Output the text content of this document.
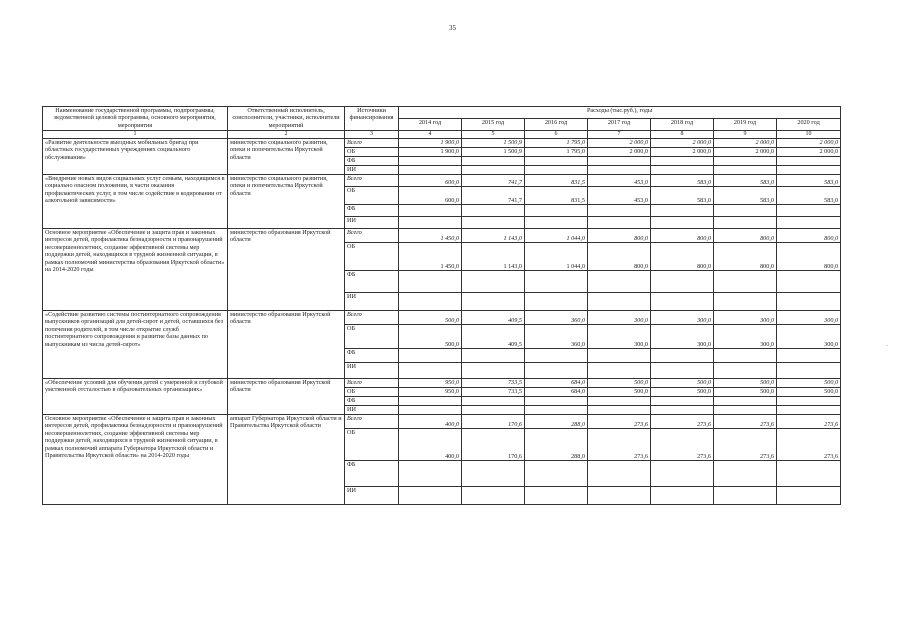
35
Наименование государственной программы, подпрограммы, ведомственной целевой программы, основного мероприятия, мероприятия	Ответственный исполнитель, соисполнители, участники, исполнители мероприятий	Источники финансирования	Расходы (тыс.руб.), годы						
			2014 год	2015 год	2016 год	2017 год	2018 год	2019 год	2020 год
1	2	3	4	5	6	7	8	9	10
«Развитие деятельности выездных мобильных бригад при областных государственных учреждениях социального обслуживания»	министерство социального развития, опеки и попечительства Иркутской области	Всего	1 900,0	1 500,9	1 795,0	2 000,0	2 000,0	2 000,0	2 000,0
		ОБ	1 900,0	1 500,9	1 795,0	2 000,0	2 000,0	2 000,0	2 000,0
		ФБ							
		ИИ							
«Внедрение новых видов социальных услуг семьям, находящимся в социально опасном положении, в части оказания профилактических услуг, в том числе содействие в кодировании от алкогольной зависимости»	министерство социального развития, опеки и попечительства Иркутской области	Всего	600,0	741,7	831,5	453,0	583,0	583,0	583,0
		ОБ	600,0	741,7	831,5	453,0	583,0	583,0	583,0
		ФБ							
		ИИ							
Основное мероприятие «Обеспечение и защита прав и законных интересов детей, профилактика безнадзорности и правонарушений несовершеннолетних, создание эффективной системы мер поддержки детей, находящихся в трудной жизненной ситуации, в рамках полномочий министерства образования Иркутской области» на 2014-2020 годы	министерство образования Иркутской области	Всего	1 450,0	1 143,0	1 044,0	800,0	800,0	800,0	800,0
		ОБ	1 450,0	1 143,0	1 044,0	800,0	800,0	800,0	800,0
		ФБ							
		ИИ							
«Содействие развитию системы постинтернатного сопровождения выпускников организаций для детей-сирот и детей, оставшихся без попечения родителей, в том числе открытие служб постинтернатного сопровождения и развитие базы данных по выпускникам из числа детей-сирот»	министерство образования Иркутской области	Всего	500,0	409,5	360,0	300,0	300,0	300,0	300,0
		ОБ	500,0	409,5	360,0	300,0	300,0	300,0	300,0
		ФБ							
		ИИ							
«Обеспечение условий для обучения детей с умеренной и глубокой умственной отсталостью в образовательных организациях»	министерство образования Иркутской области	Всего	950,0	733,5	684,0	500,0	500,0	500,0	500,0
		ОБ	950,0	733,5	684,0	500,0	500,0	500,0	500,0
		ФБ							
		ИИ							
Основное мероприятие «Обеспечение и защита прав и законных интересов детей, профилактика безнадзорности и правонарушений несовершеннолетних, создание эффективной системы мер поддержки детей, находящихся в трудной жизненной ситуации, в рамках полномочий аппарата Губернатора Иркутской области и Правительства Иркутской области» на 2014-2020 годы	аппарат Губернатора Иркутской области и Правительства Иркутской области	Всего	400,0	170,6	288,0	273,6	273,6	273,6	273,6
		ОБ	400,0	170,6	288,0	273,6	273,6	273,6	273,6
		ФБ							
		ИИ							
‐
